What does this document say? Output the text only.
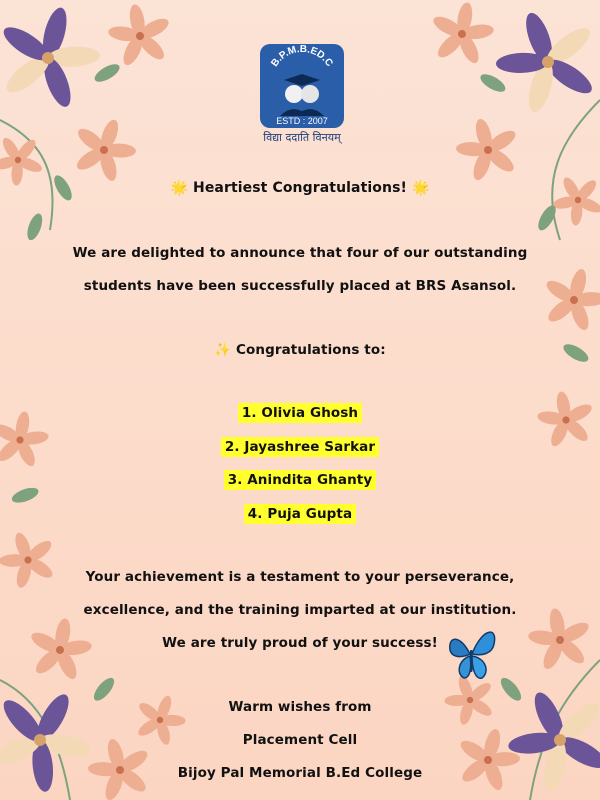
B.P.M.B.ED.C
ESTD : 2007
विद्या ददाति विनयम्
🌟 Heartiest Congratulations! 🌟
We are delighted to announce that four of our outstanding
students have been successfully placed at BRS Asansol.
✨ Congratulations to:
1. Olivia Ghosh
2. Jayashree Sarkar
3. Anindita Ghanty
4. Puja Gupta
Your achievement is a testament to your perseverance,
excellence, and the training imparted at our institution.
We are truly proud of your success!
Warm wishes from
Placement Cell
Bijoy Pal Memorial B.Ed College
